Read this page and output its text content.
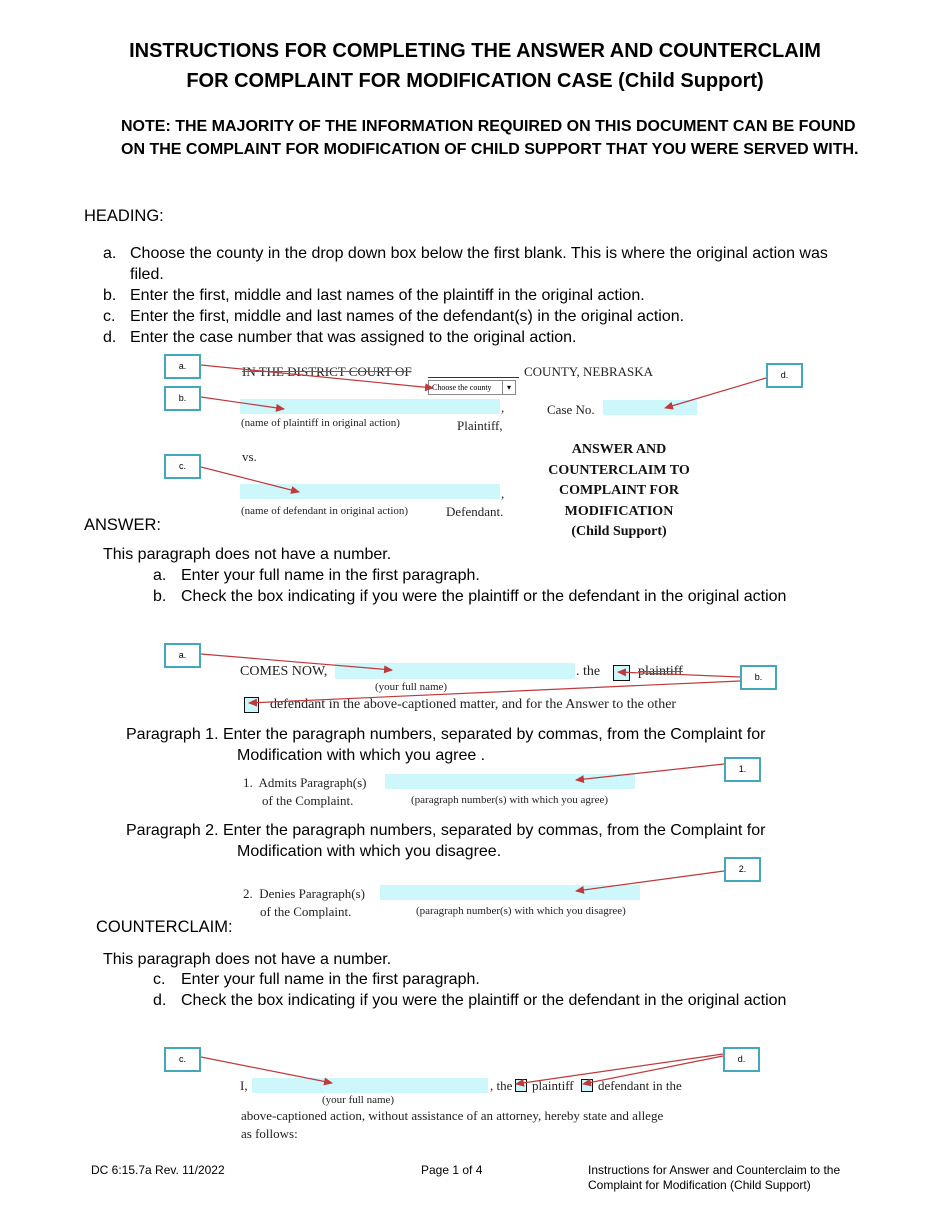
INSTRUCTIONS FOR COMPLETING THE ANSWER AND COUNTERCLAIM
FOR COMPLAINT FOR MODIFICATION CASE (Child Support)
NOTE: THE MAJORITY OF THE INFORMATION REQUIRED ON THIS DOCUMENT CAN BE FOUND ON THE COMPLAINT FOR MODIFICATION OF CHILD SUPPORT THAT YOU WERE SERVED WITH.
HEADING:
a. Choose the county in the drop down box below the first blank. This is where the original action was filed.
b. Enter the first, middle and last names of the plaintiff in the original action.
c. Enter the first, middle and last names of the defendant(s) in the original action.
d. Enter the case number that was assigned to the original action.
IN THE DISTRICT COURT OF	COUNTY, NEBRASKA
Choose the county	▾
,
(name of plaintiff in original action)	Plaintiff,
vs.
,
(name of defendant in original action)	Defendant.
Case No.
ANSWER AND
COUNTERCLAIM TO
COMPLAINT FOR
MODIFICATION
(Child Support)
a.
b.
c.
d.
ANSWER:
This paragraph does not have a number.
a. Enter your full name in the first paragraph.
b. Check the box indicating if you were the plaintiff or the defendant in the original action
COMES NOW,	. the	plaintiff
(your full name)
defendant in the above-captioned matter, and for the Answer to the other
a.
b.
Paragraph 1. Enter the paragraph numbers, separated by commas, from the Complaint for
Modification with which you agree .
1.  Admits Paragraph(s)
of the Complaint.	(paragraph number(s) with which you agree)
1.
Paragraph 2. Enter the paragraph numbers, separated by commas, from the Complaint for
Modification with which you disagree.
2.  Denies Paragraph(s)
of the Complaint.	(paragraph number(s) with which you disagree)
2.
COUNTERCLAIM:
This paragraph does not have a number.
c. Enter your full name in the first paragraph.
d. Check the box indicating if you were the plaintiff or the defendant in the original action
I,	, the plaintiff defendant in the
(your full name)
above-captioned action, without assistance of an attorney, hereby state and allege
as follows:
c.	d.
DC 6:15.7a Rev. 11/2022	Page 1 of 4	Instructions for Answer and Counterclaim to the
Complaint for Modification (Child Support)
